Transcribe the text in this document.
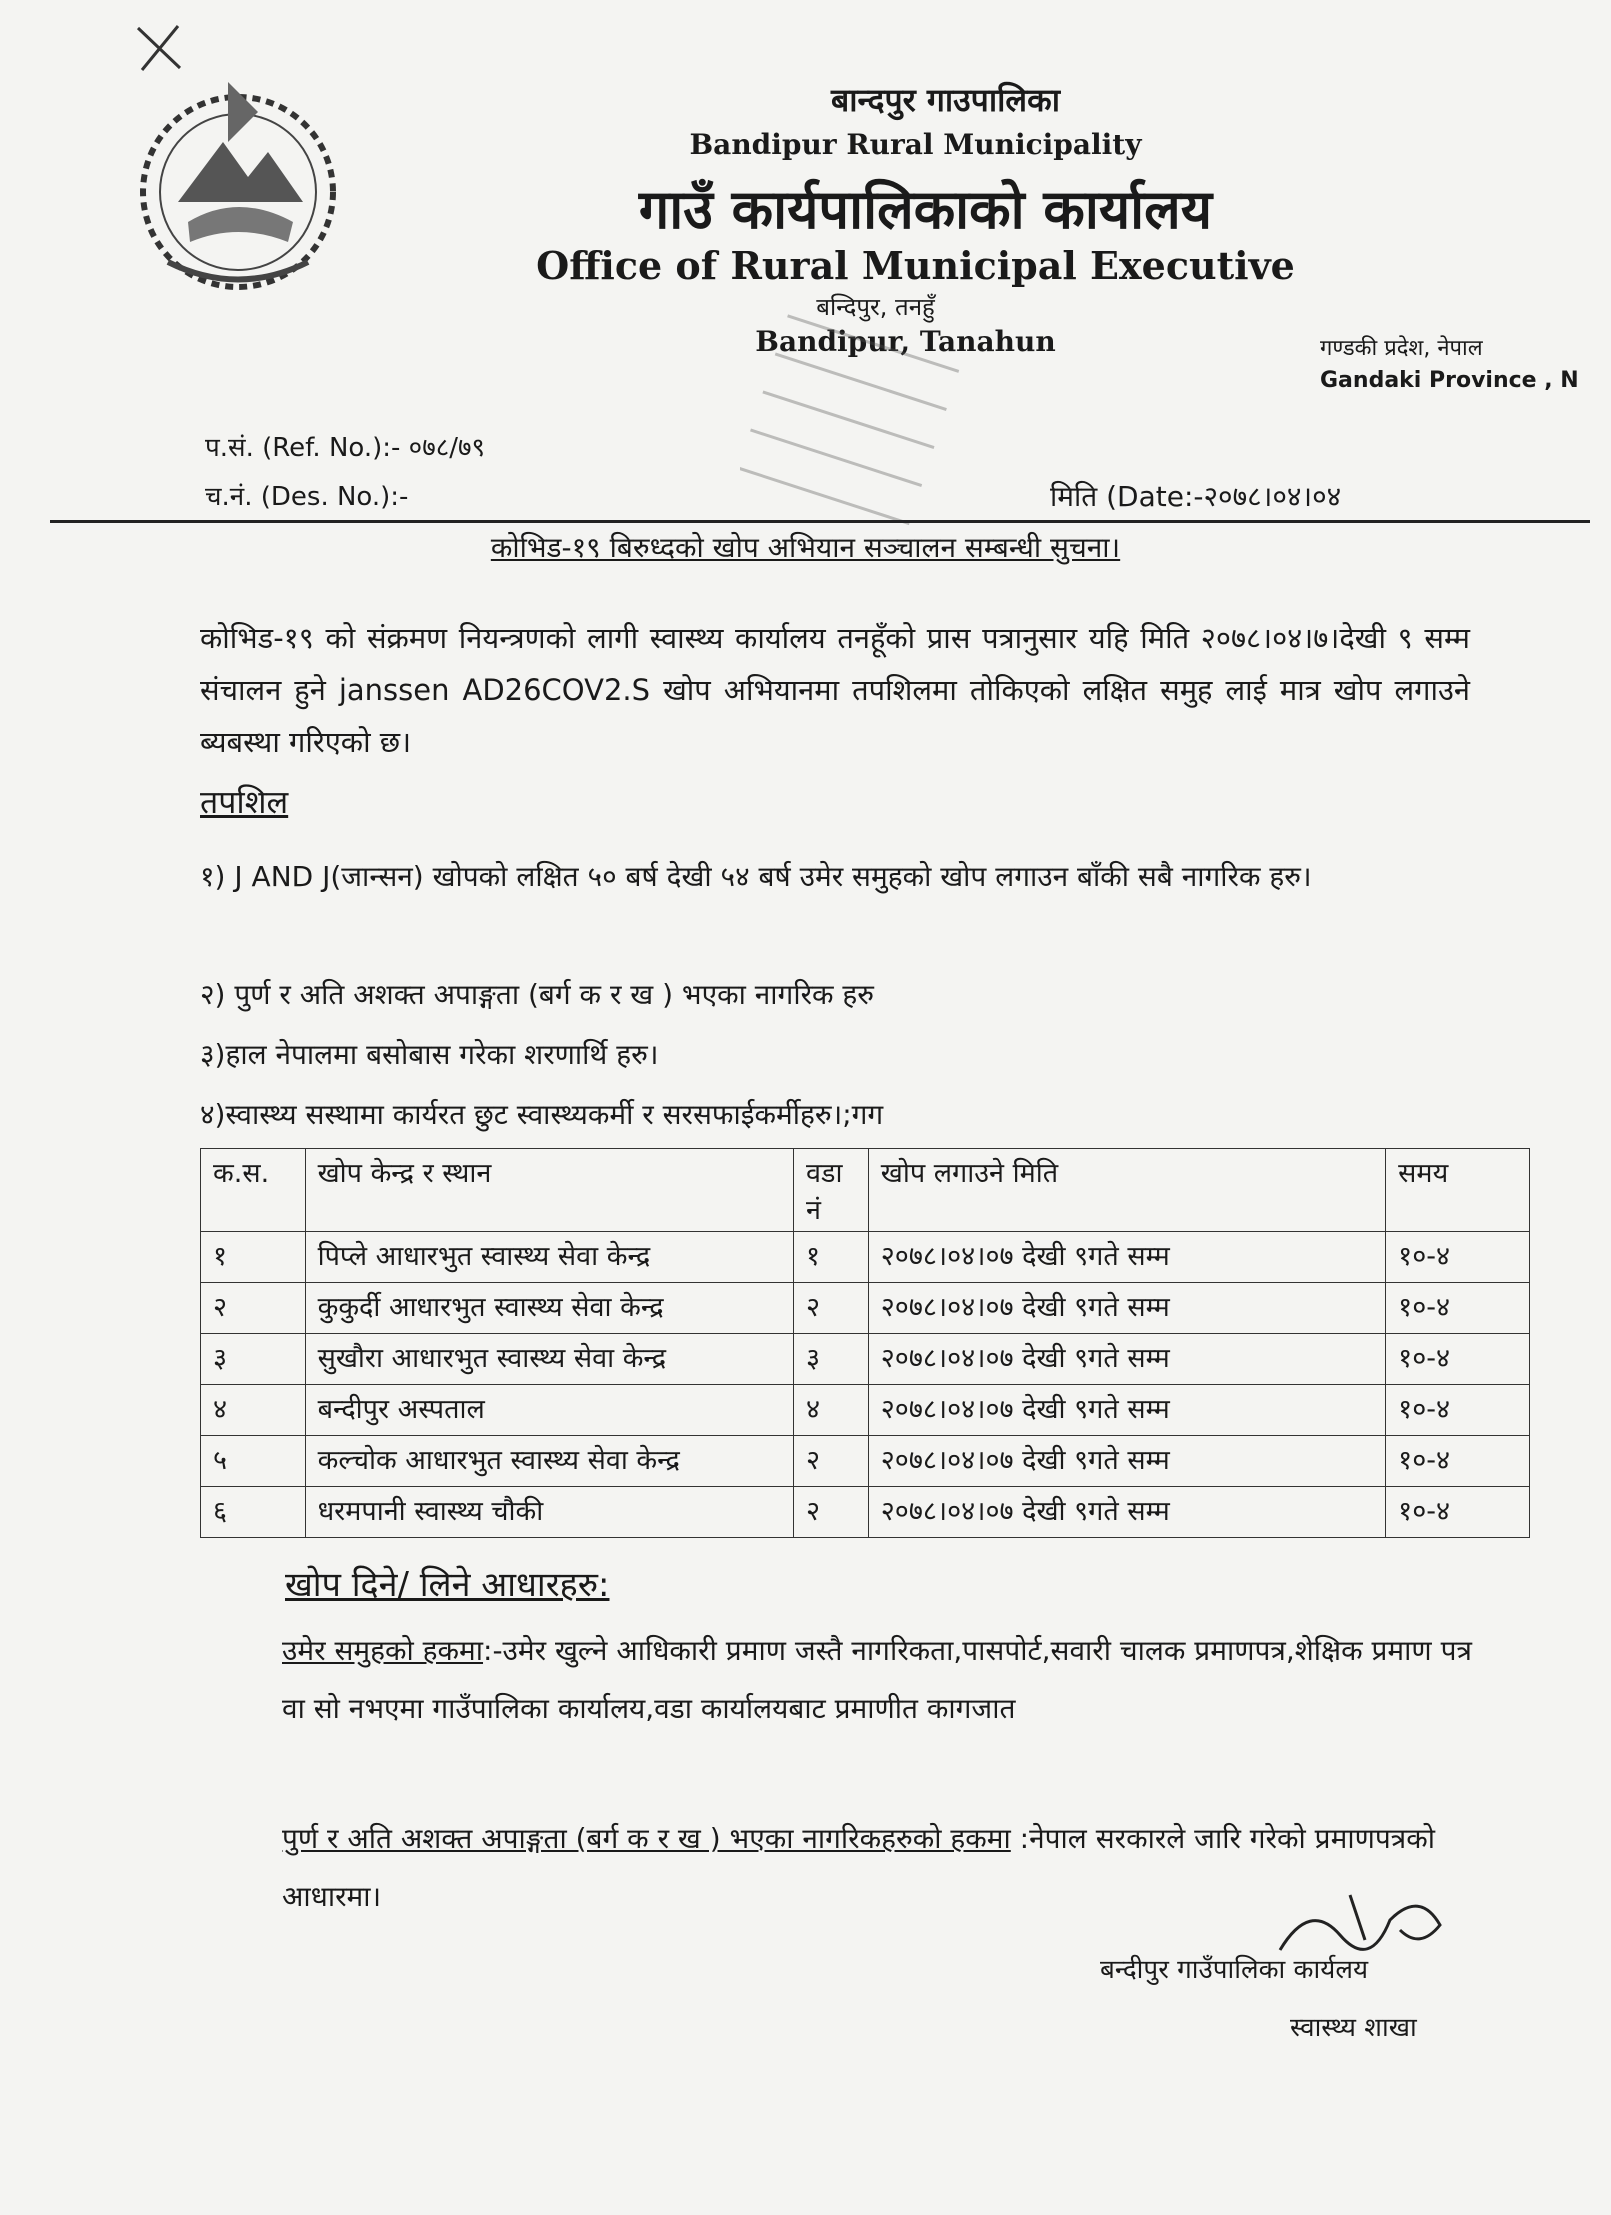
बान्दपुर गाउपालिका
Bandipur Rural Municipality
गाउँ कार्यपालिकाको कार्यालय
Office of Rural Municipal Executive
बन्दिपुर, तनहुँ
Bandipur, Tanahun	गण्डकी प्रदेश, नेपाल
Gandaki Province , N
प.सं. (Ref. No.):- ०७८/७९
च.नं. (Des. No.):-	मिति (Date:-२०७८।०४।०४
कोभिड-१९ बिरुध्दको खोप अभियान सञ्चालन सम्बन्धी सुचना।
कोभिड-१९ को संक्रमण नियन्त्रणको लागी स्वास्थ्य कार्यालय तनहूँको प्रास पत्रानुसार यहि मिति २०७८।०४।७।देखी ९ सम्म संचालन हुने janssen AD26COV2.S खोप अभियानमा तपशिलमा तोकिएको लक्षित समुह लाई मात्र खोप लगाउने ब्यबस्था गरिएको छ।
तपशिल
१) J AND J(जान्सन) खोपको लक्षित ५० बर्ष देखी ५४ बर्ष उमेर समुहको खोप लगाउन बाँकी सबै नागरिक हरु।
२) पुर्ण र अति अशक्त अपाङ्गता (बर्ग क र ख ) भएका नागरिक हरु
३)हाल नेपालमा बसोबास गरेका शरणार्थि हरु।
४)स्वास्थ्य सस्थामा कार्यरत छुट स्वास्थ्यकर्मी र सरसफाईकर्मीहरु।;गग
क.स.	खोप केन्द्र र स्थान	वडा नं	खोप लगाउने मिति	समय
१	पिप्ले आधारभुत स्वास्थ्य सेवा केन्द्र	१	२०७८।०४।०७ देखी ९गते सम्म	१०-४
२	कुकुर्दी आधारभुत स्वास्थ्य सेवा केन्द्र	२	२०७८।०४।०७ देखी ९गते सम्म	१०-४
३	सुखौरा आधारभुत स्वास्थ्य सेवा केन्द्र	३	२०७८।०४।०७ देखी ९गते सम्म	१०-४
४	बन्दीपुर अस्पताल	४	२०७८।०४।०७ देखी ९गते सम्म	१०-४
५	कल्चोक आधारभुत स्वास्थ्य सेवा केन्द्र	२	२०७८।०४।०७ देखी ९गते सम्म	१०-४
६	धरमपानी स्वास्थ्य चौकी	२	२०७८।०४।०७ देखी ९गते सम्म	१०-४
खोप दिने/ लिने आधारहरु:
उमेर समुहको हकमा:-उमेर खुल्ने आधिकारी प्रमाण जस्तै नागरिकता,पासपोर्ट,सवारी चालक प्रमाणपत्र,शेक्षिक प्रमाण पत्र वा सो नभएमा गाउँपालिका कार्यालय,वडा कार्यालयबाट प्रमाणीत कागजात
पुर्ण र अति अशक्त अपाङ्गता (बर्ग क र ख ) भएका नागरिकहरुको हकमा :नेपाल सरकारले जारि गरेको प्रमाणपत्रको आधारमा।
बन्दीपुर गाउँपालिका कार्यलय
स्वास्थ्य शाखा
